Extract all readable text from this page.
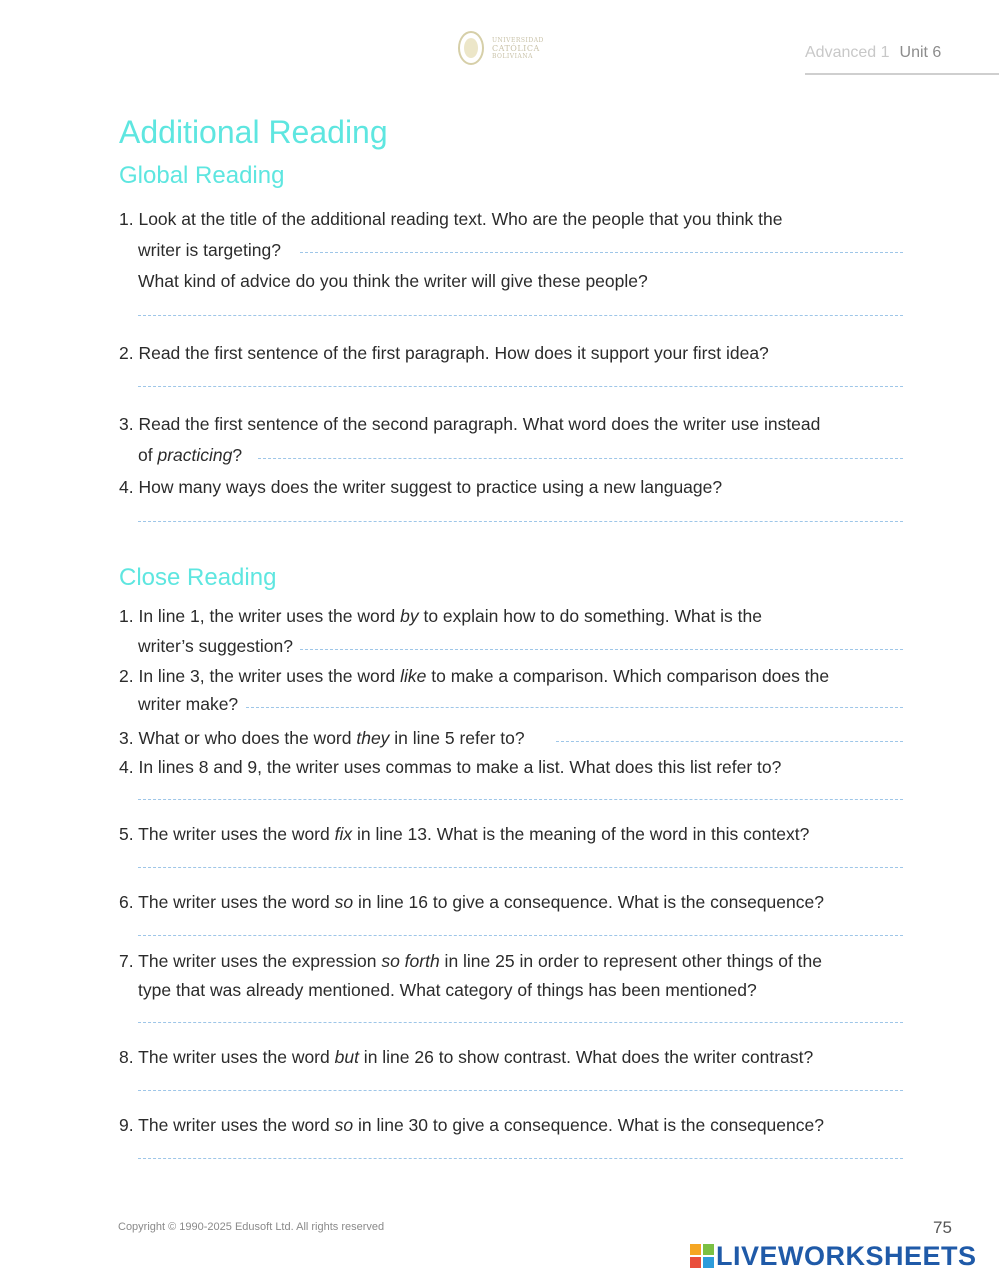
UNIVERSIDAD
CATÓLICA
BOLIVIANA	Advanced 1 Unit 6
Additional Reading
Global Reading
1. Look at the title of the additional reading text. Who are the people that you think the
writer is targeting?
What kind of advice do you think the writer will give these people?
2. Read the first sentence of the first paragraph. How does it support your first idea?
3. Read the first sentence of the second paragraph. What word does the writer use instead
of practicing?
4. How many ways does the writer suggest to practice using a new language?
Close Reading
1. In line 1, the writer uses the word by to explain how to do something. What is the
writer’s suggestion?
2. In line 3, the writer uses the word like to make a comparison. Which comparison does the
writer make?
3. What or who does the word they in line 5 refer to?
4. In lines 8 and 9, the writer uses commas to make a list. What does this list refer to?
5. The writer uses the word fix in line 13. What is the meaning of the word in this context?
6. The writer uses the word so in line 16 to give a consequence. What is the consequence?
7. The writer uses the expression so forth in line 25 in order to represent other things of the
type that was already mentioned. What category of things has been mentioned?
8. The writer uses the word but in line 26 to show contrast. What does the writer contrast?
9. The writer uses the word so in line 30 to give a consequence. What is the consequence?
Copyright © 1990-2025 Edusoft Ltd. All rights reserved	75
LIVEWORKSHEETS
